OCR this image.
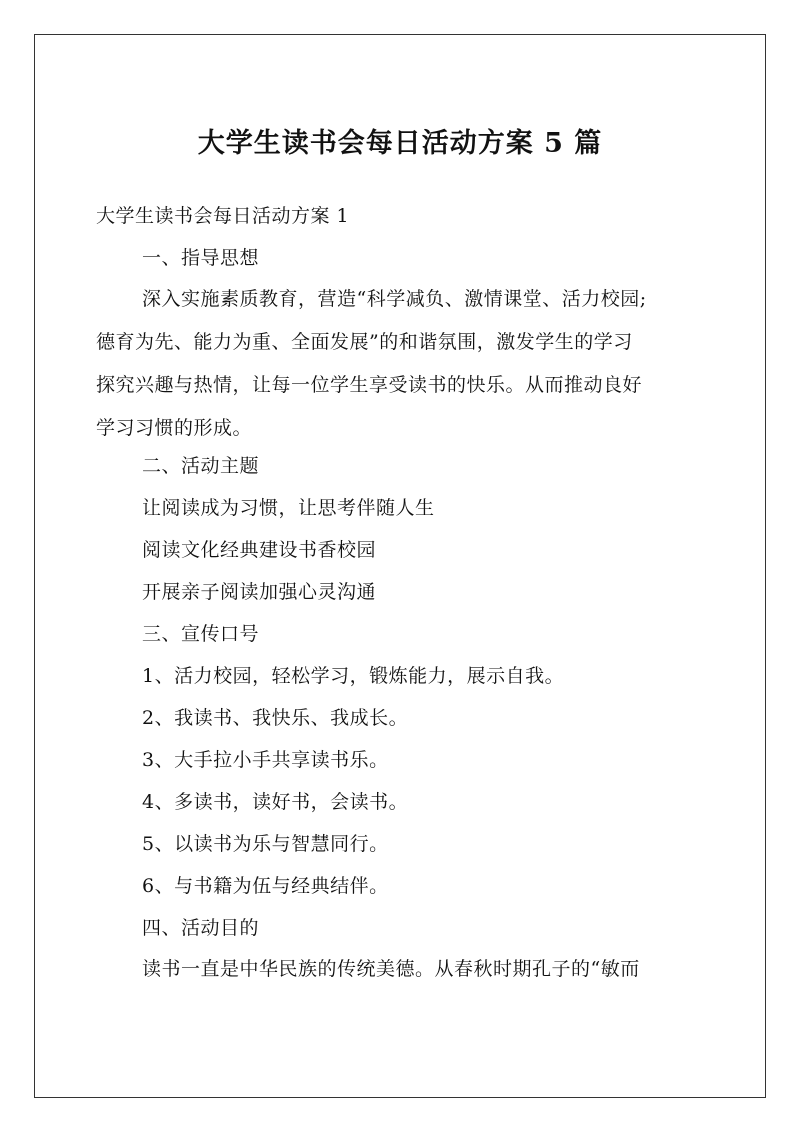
大学生读书会每日活动方案 5 篇
大学生读书会每日活动方案 1
一、指导思想
深入实施素质教育，营造“科学减负、激情课堂、活力校园;
德育为先、能力为重、全面发展”的和谐氛围，激发学生的学习
探究兴趣与热情，让每一位学生享受读书的快乐。从而推动良好
学习习惯的形成。
二、活动主题
让阅读成为习惯，让思考伴随人生
阅读文化经典建设书香校园
开展亲子阅读加强心灵沟通
三、宣传口号
1、活力校园，轻松学习，锻炼能力，展示自我。
2、我读书、我快乐、我成长。
3、大手拉小手共享读书乐。
4、多读书，读好书，会读书。
5、以读书为乐与智慧同行。
6、与书籍为伍与经典结伴。
四、活动目的
读书一直是中华民族的传统美德。从春秋时期孔子的“敏而
